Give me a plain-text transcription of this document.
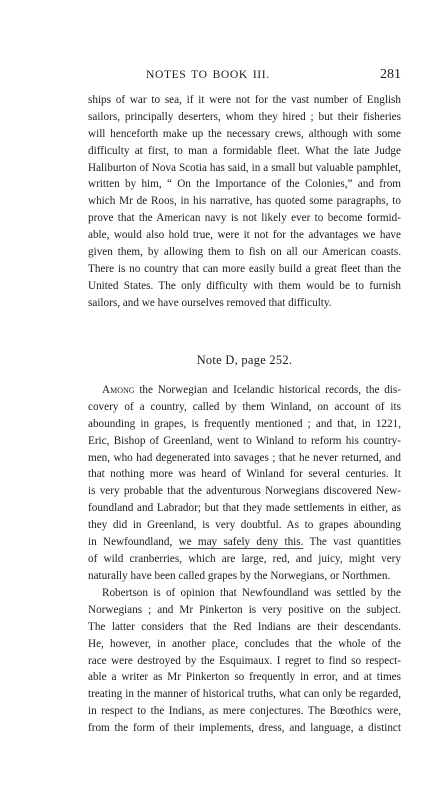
NOTES TO BOOK III.	281
ships of war to sea, if it were not for the vast number of English
sailors, principally deserters, whom they hired ; but their fisheries
will henceforth make up the necessary crews, although with some
difficulty at first, to man a formidable fleet. What the late Judge
Haliburton of Nova Scotia has said, in a small but valuable pamphlet,
written by him, “ On the Importance of the Colonies,” and from
which Mr de Roos, in his narrative, has quoted some paragraphs, to
prove that the American navy is not likely ever to become formid-
able, would also hold true, were it not for the advantages we have
given them, by allowing them to fish on all our American coasts.
There is no country that can more easily build a great fleet than the
United States. The only difficulty with them would be to furnish
sailors, and we have ourselves removed that difficulty.
Note D, page 252.
Among the Norwegian and Icelandic historical records, the dis-
covery of a country, called by them Winland, on account of its
abounding in grapes, is frequently mentioned ; and that, in 1221,
Eric, Bishop of Greenland, went to Winland to reform his country-
men, who had degenerated into savages ; that he never returned, and
that nothing more was heard of Winland for several centuries. It
is very probable that the adventurous Norwegians discovered New-
foundland and Labrador; but that they made settlements in either, as
they did in Greenland, is very doubtful. As to grapes abounding
in Newfoundland, we may safely deny this. The vast quantities
of wild cranberries, which are large, red, and juicy, might very
naturally have been called grapes by the Norwegians, or Northmen.
Robertson is of opinion that Newfoundland was settled by the
Norwegians ; and Mr Pinkerton is very positive on the subject.
The latter considers that the Red Indians are their descendants.
He, however, in another place, concludes that the whole of the
race were destroyed by the Esquimaux. I regret to find so respect-
able a writer as Mr Pinkerton so frequently in error, and at times
treating in the manner of historical truths, what can only be regarded,
in respect to the Indians, as mere conjectures. The Bœothics were,
from the form of their implements, dress, and language, a distinct
